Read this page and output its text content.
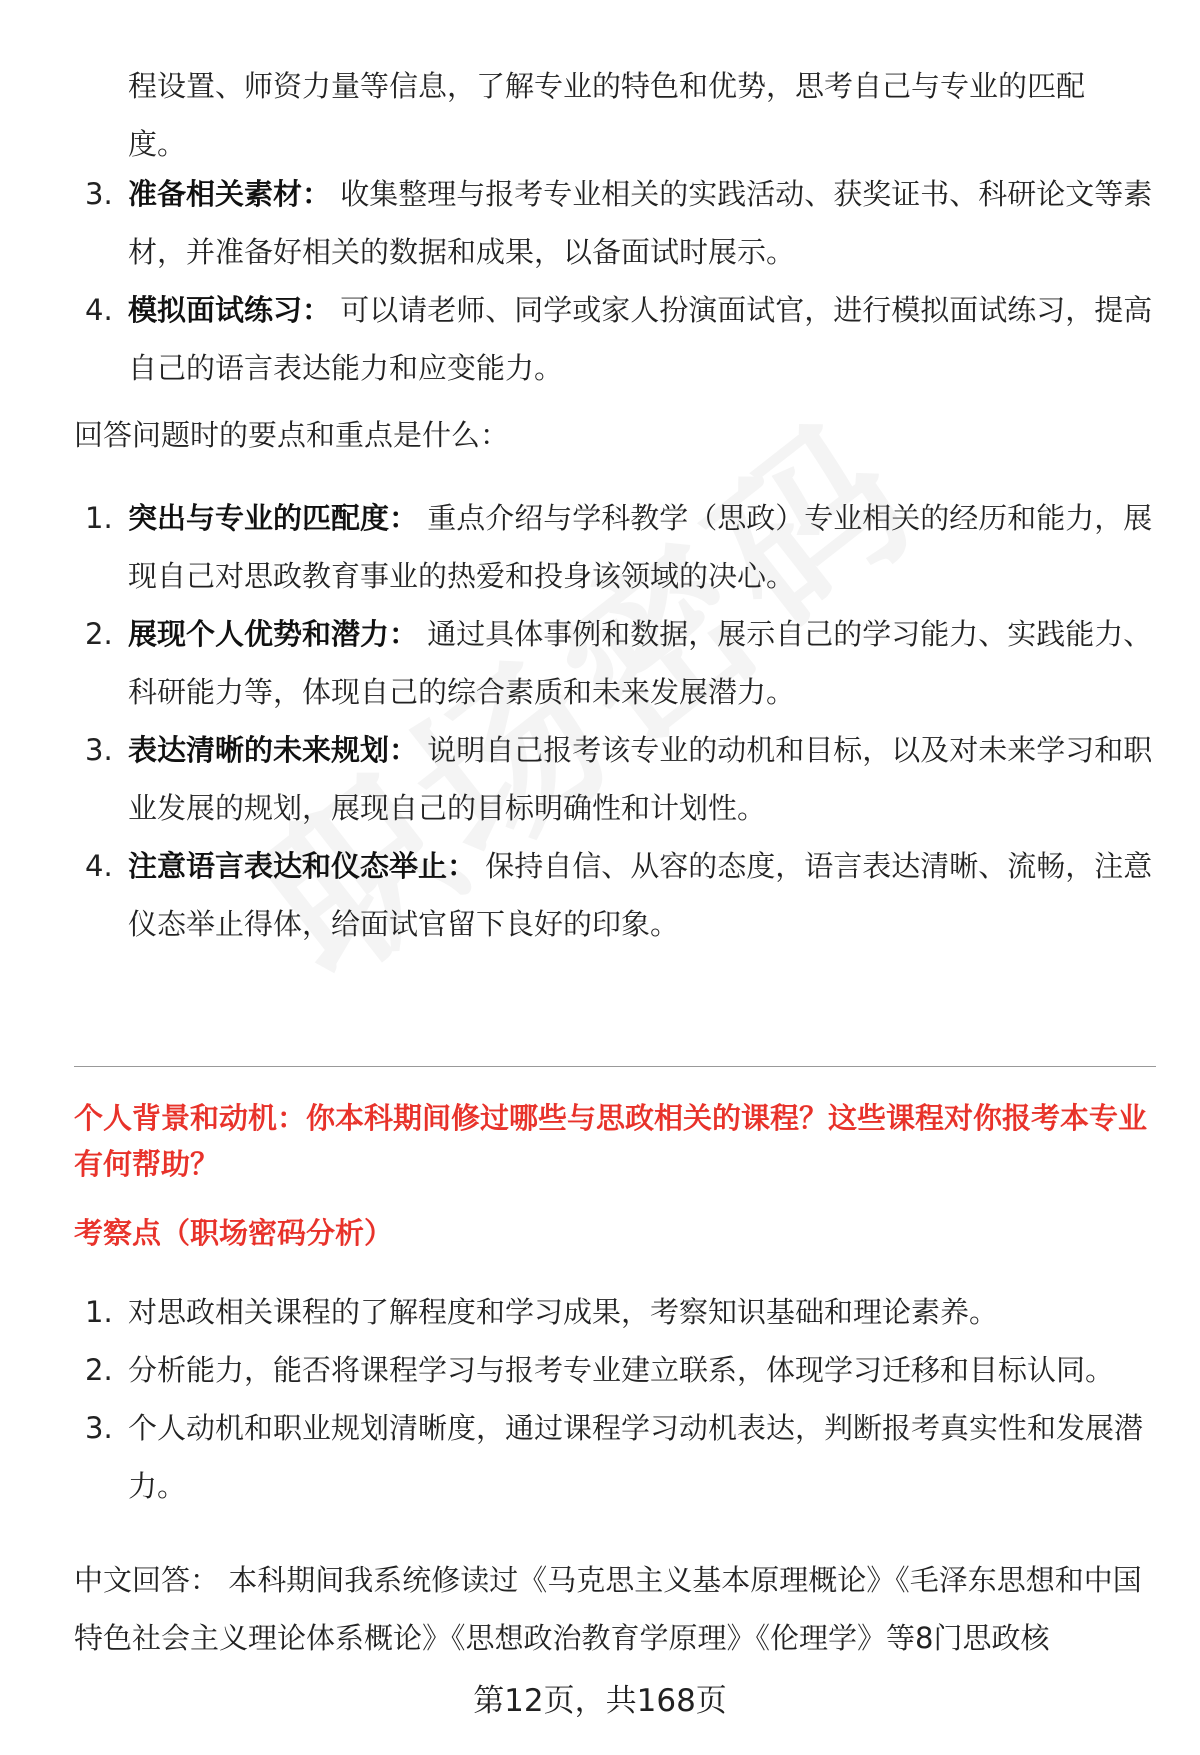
程设置、师资力量等信息，了解专业的特色和优势，思考自己与专业的匹配

度。

3. 准备相关素材： 收集整理与报考专业相关的实践活动、获奖证书、科研论文等素材，并准备好相关的数据和成果，以备面试时展示。
4. 模拟面试练习： 可以请老师、同学或家人扮演面试官，进行模拟面试练习，提高自己的语言表达能力和应变能力。

回答问题时的要点和重点是什么：

1. 突出与专业的匹配度： 重点介绍与学科教学（思政）专业相关的经历和能力，展现自己对思政教育事业的热爱和投身该领域的决心。
2. 展现个人优势和潜力： 通过具体事例和数据，展示自己的学习能力、实践能力、科研能力等，体现自己的综合素质和未来发展潜力。
3. 表达清晰的未来规划： 说明自己报考该专业的动机和目标，以及对未来学习和职业发展的规划，展现自己的目标明确性和计划性。
4. 注意语言表达和仪态举止： 保持自信、从容的态度，语言表达清晰、流畅，注意仪态举止得体，给面试官留下良好的印象。

个人背景和动机：你本科期间修过哪些与思政相关的课程？这些课程对你报考本专业有何帮助？

考察点（职场密码分析）

1. 对思政相关课程的了解程度和学习成果，考察知识基础和理论素养。
2. 分析能力，能否将课程学习与报考专业建立联系，体现学习迁移和目标认同。
3. 个人动机和职业规划清晰度，通过课程学习动机表达，判断报考真实性和发展潜力。

中文回答： 本科期间我系统修读过《马克思主义基本原理概论》《毛泽东思想和中国特色社会主义理论体系概论》《思想政治教育学原理》《伦理学》等8门思政核

第12页，共168页
